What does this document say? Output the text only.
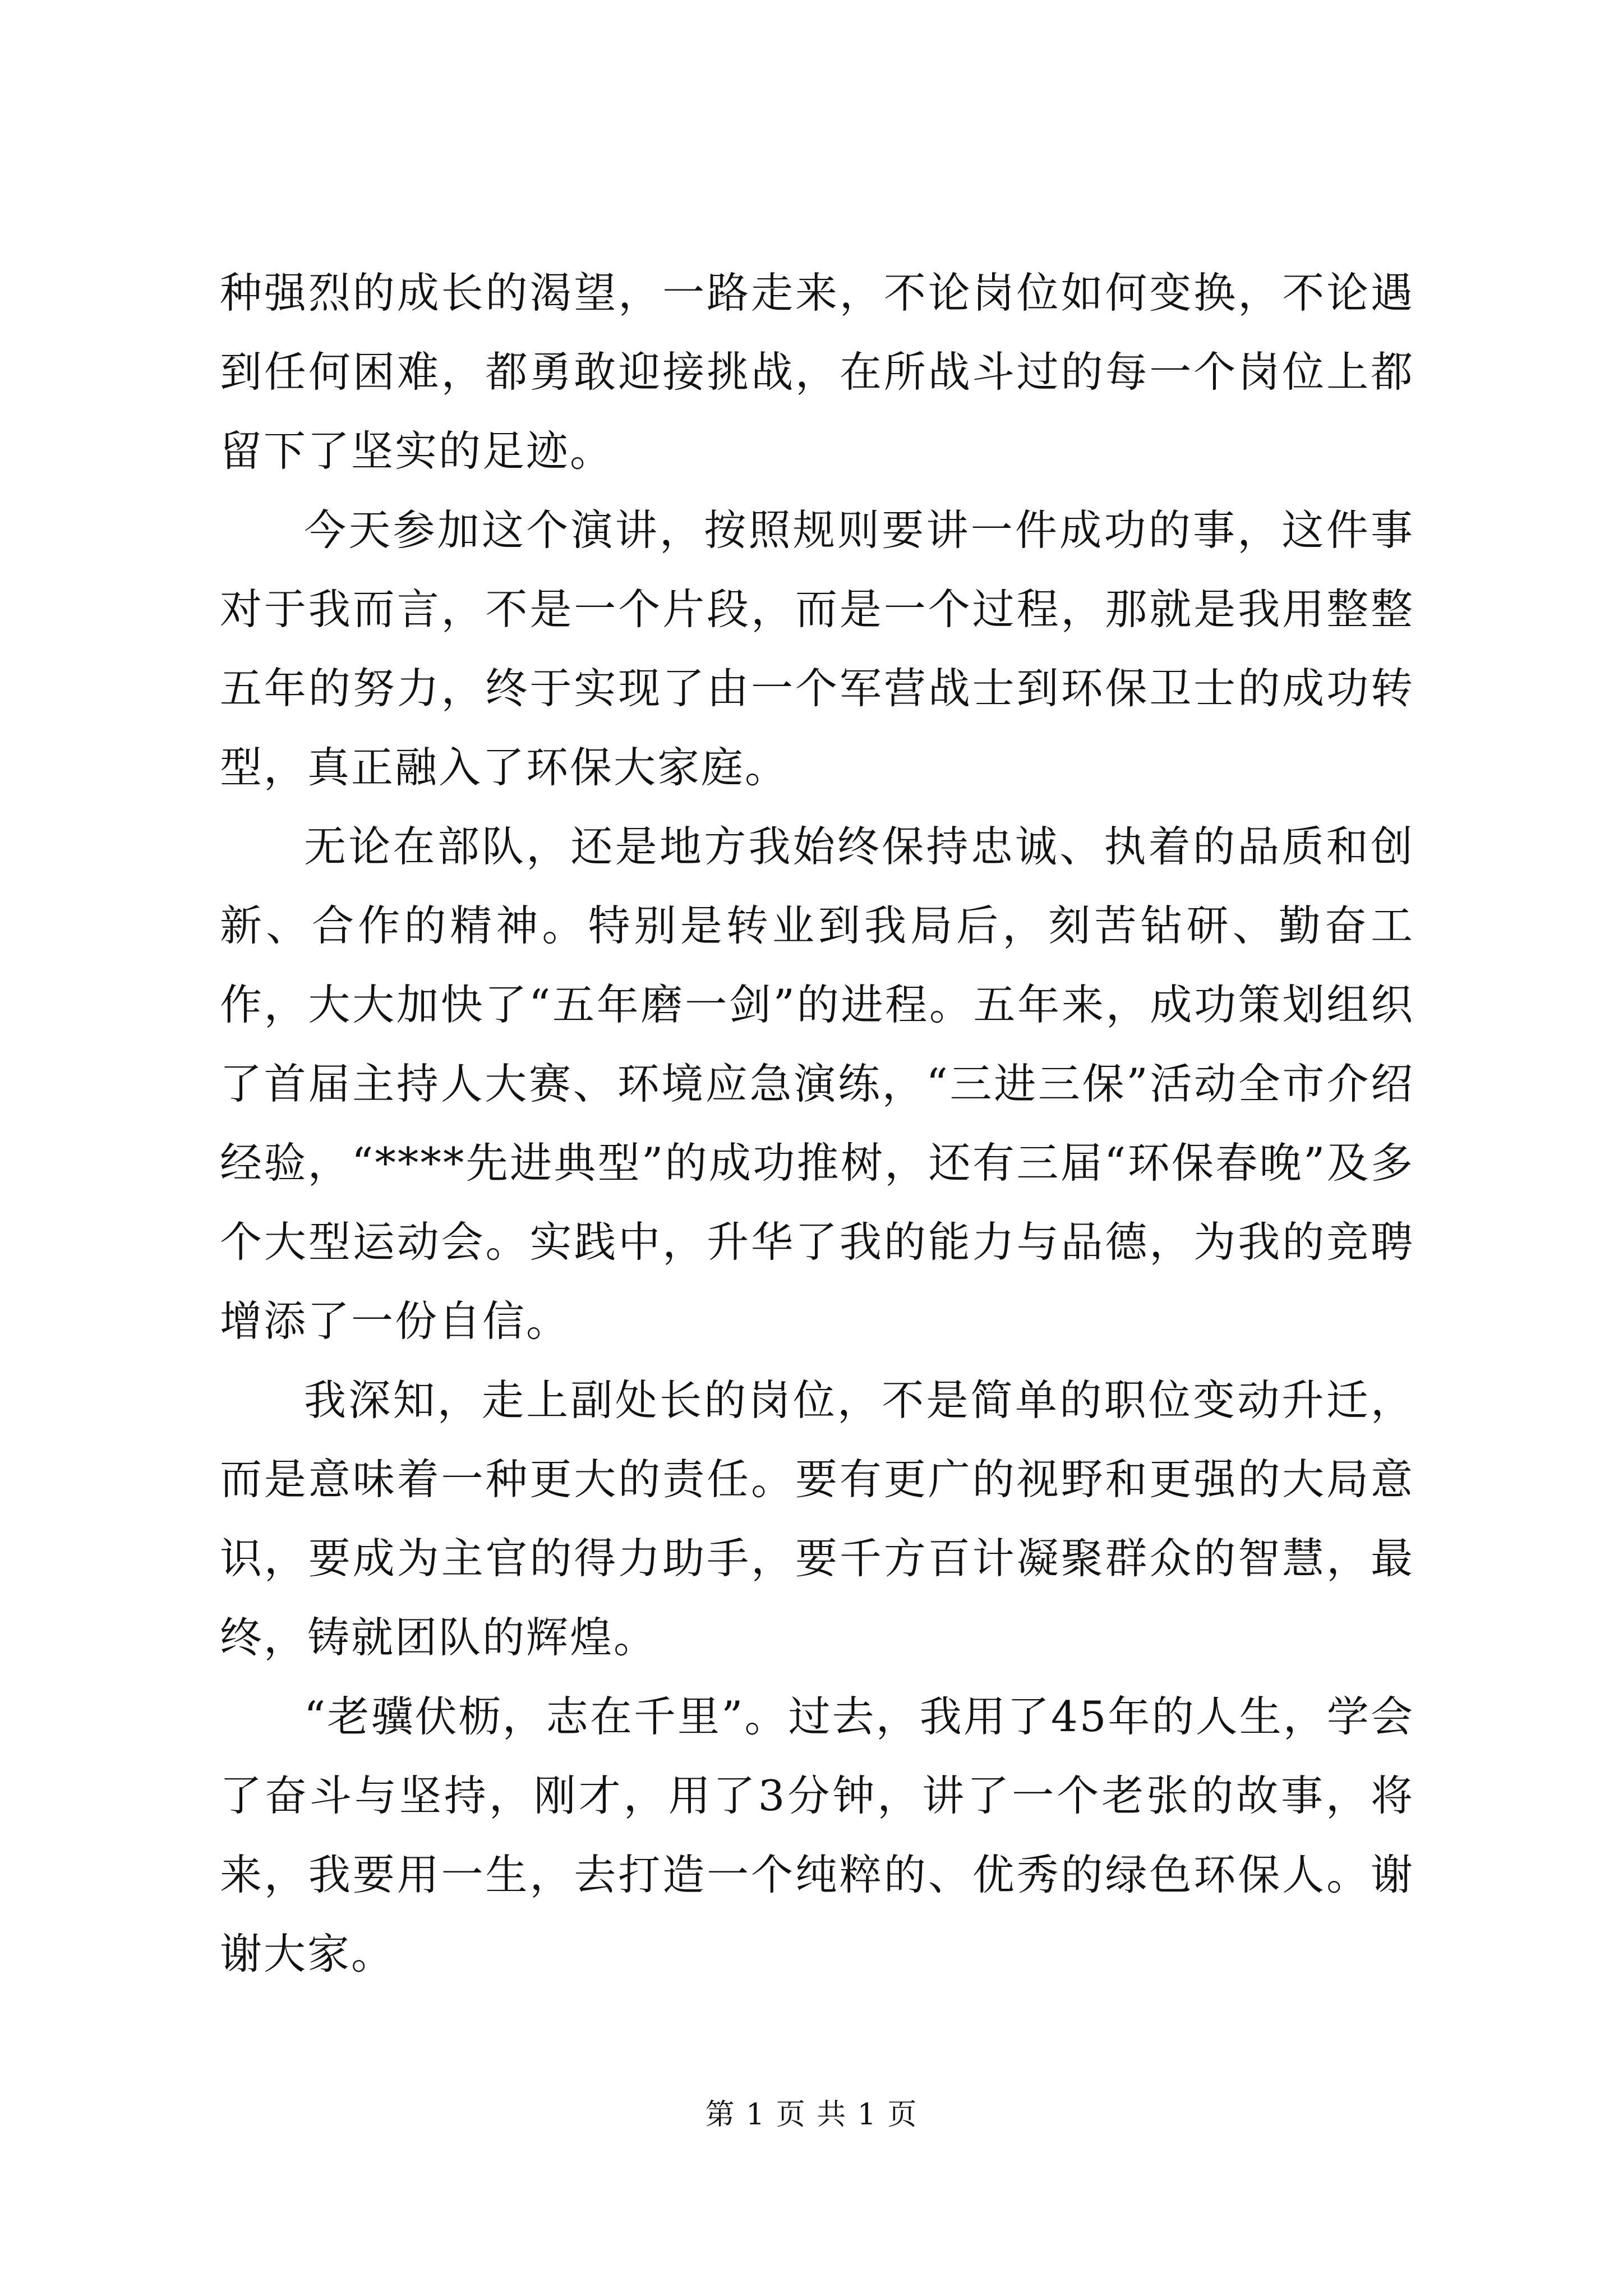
种强烈的成长的渴望，一路走来，不论岗位如何变换，不论遇到任何困难，都勇敢迎接挑战，在所战斗过的每一个岗位上都留下了坚实的足迹。

今天参加这个演讲，按照规则要讲一件成功的事，这件事对于我而言，不是一个片段，而是一个过程，那就是我用整整五年的努力，终于实现了由一个军营战士到环保卫士的成功转型，真正融入了环保大家庭。

无论在部队，还是地方我始终保持忠诚、执着的品质和创新、合作的精神。特别是转业到我局后，刻苦钻研、勤奋工作，大大加快了“五年磨一剑”的进程。五年来，成功策划组织了首届主持人大赛、环境应急演练，“三进三保”活动全市介绍经验，“****先进典型”的成功推树，还有三届“环保春晚”及多个大型运动会。实践中，升华了我的能力与品德，为我的竞聘增添了一份自信。

我深知，走上副处长的岗位，不是简单的职位变动升迁，而是意味着一种更大的责任。要有更广的视野和更强的大局意识，要成为主官的得力助手，要千方百计凝聚群众的智慧，最终，铸就团队的辉煌。

“老骥伏枥，志在千里”。过去，我用了45年的人生，学会了奋斗与坚持，刚才，用了3分钟，讲了一个老张的故事，将来，我要用一生，去打造一个纯粹的、优秀的绿色环保人。谢谢大家。

第 1 页 共 1 页
